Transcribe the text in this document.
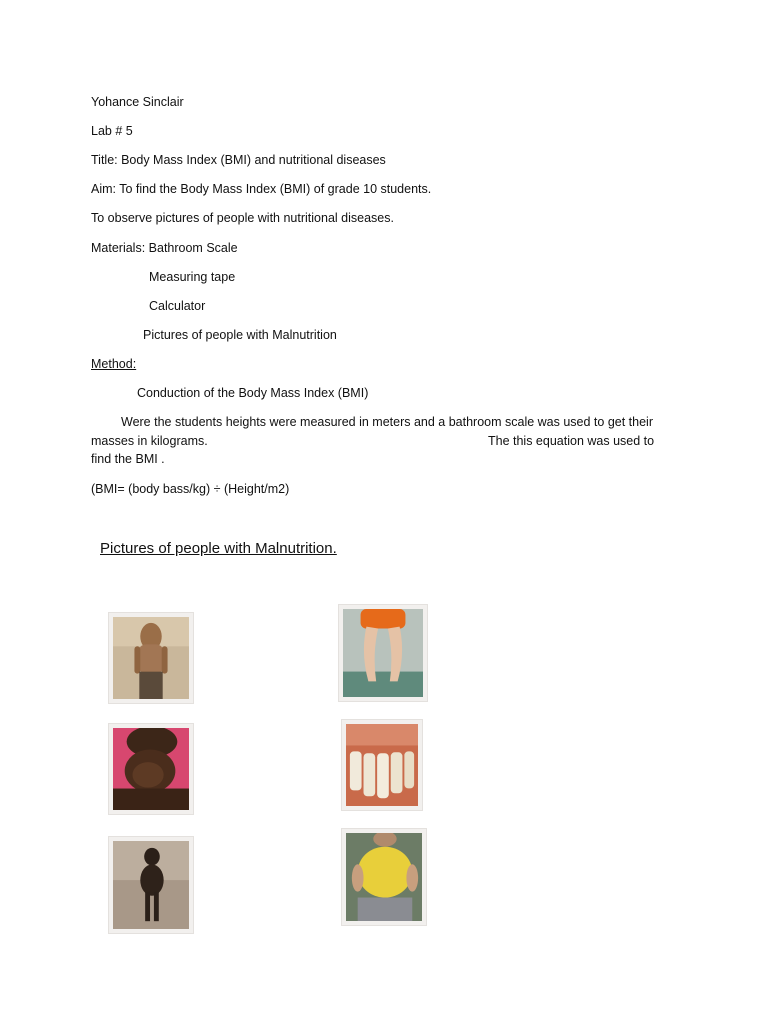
Yohance Sinclair
Lab # 5
Title: Body Mass Index (BMI) and nutritional diseases
Aim: To find the Body Mass Index (BMI) of grade 10 students.
To observe pictures of people with nutritional diseases.
Materials: Bathroom Scale
Measuring tape
Calculator
Pictures of people with Malnutrition
Method:
Conduction of the Body Mass Index (BMI)
Were the students heights were measured in meters and a bathroom scale was used to get their
masses in kilograms.	The this equation was used to
find the BMI .
(BMI= (body bass/kg) ÷ (Height/m2)
Pictures of people with Malnutrition.
